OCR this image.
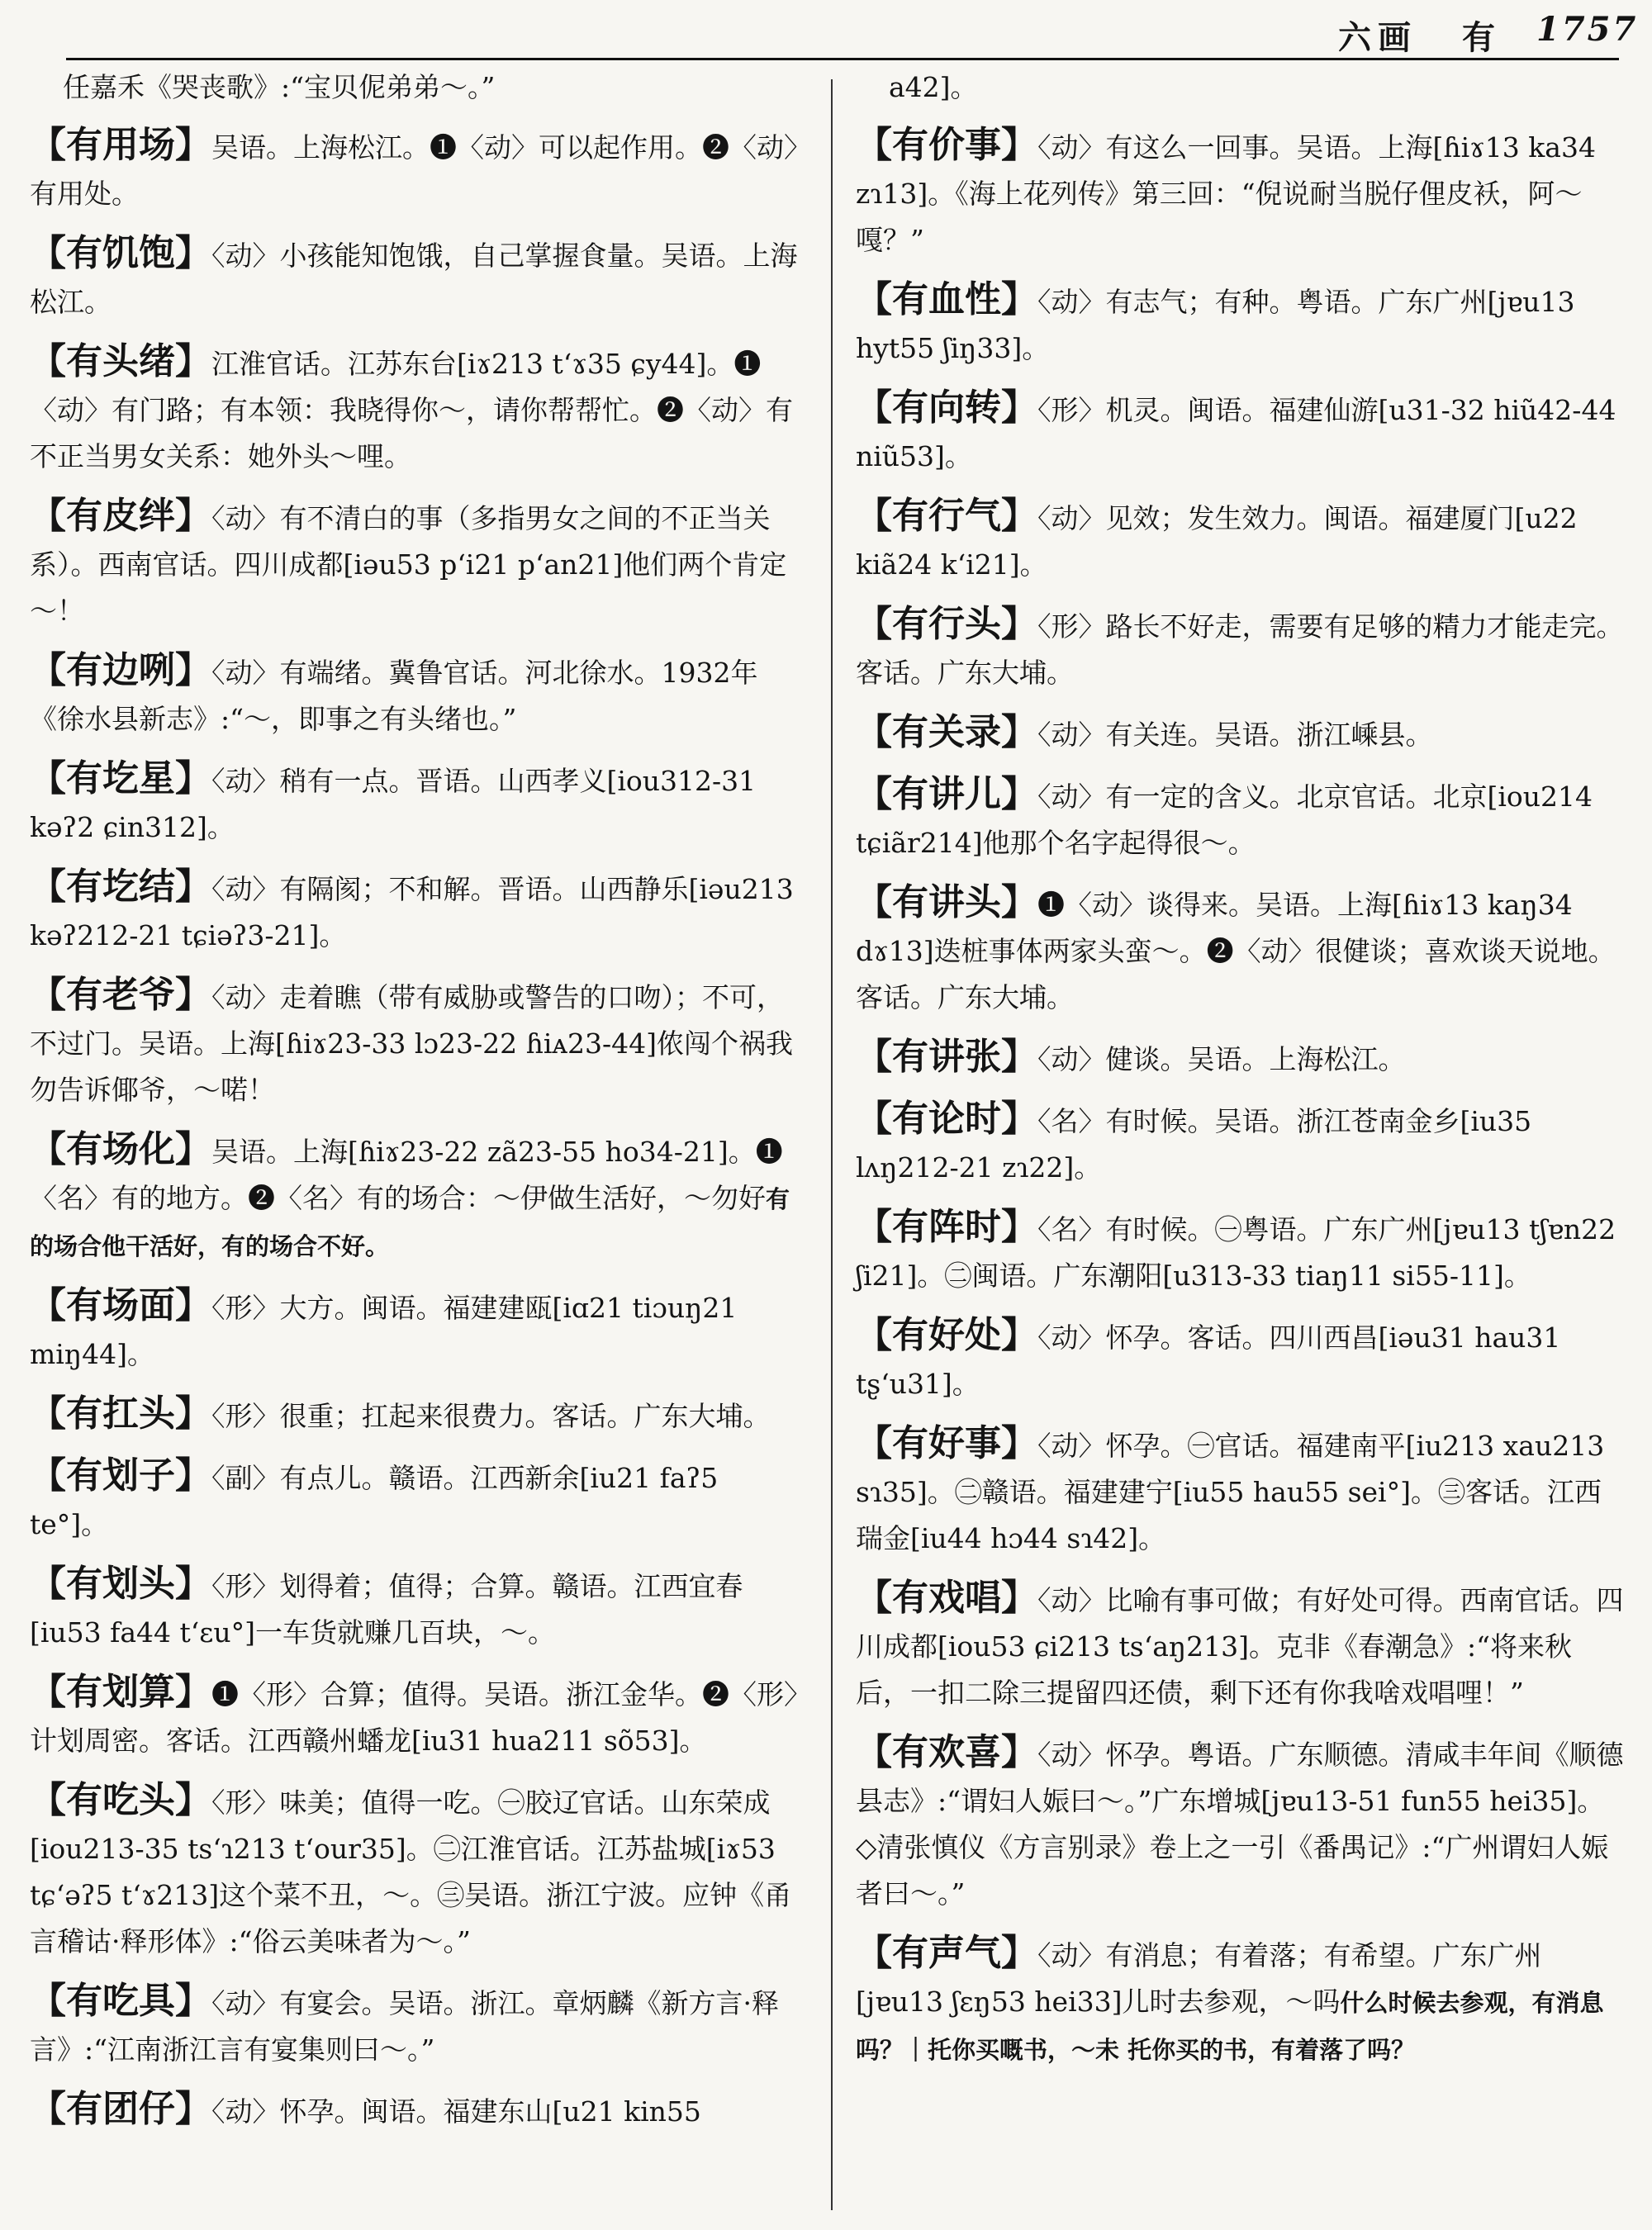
六画 有 1757

任嘉禾《哭丧歌》:“宝贝伲弟弟～。”

【 有用场 】 吴语。上海松江。❶〈动〉可以起作用。❷〈动〉有用处。

【 有饥饱 】 〈动〉小孩能知饱饿，自己掌握食量。吴语。上海松江。

【 有头绪 】 江淮官话。江苏东台[iɤ213 tʻɤ35 ɕy44]。❶〈动〉有门路；有本领：我晓得你～，请你帮帮忙。❷〈动〉有不正当男女关系：她外头～哩。

【 有皮绊 】 〈动〉有不清白的事（多指男女之间的不正当关系）。西南官话。四川成都[iəu53 pʻi21 pʻan21]他们两个肯定～！

【 有边咧 】 〈动〉有端绪。冀鲁官话。河北徐水。1932年《徐水县新志》:“～，即事之有头绪也。”

【 有圪星 】 〈动〉稍有一点。晋语。山西孝义[iou312-31 kəʔ2 ɕin312]。

【 有圪结 】 〈动〉有隔阂；不和解。晋语。山西静乐[iəu213 kəʔ212-21 tɕiəʔ3-21]。

【 有老爷 】 〈动〉走着瞧（带有威胁或警告的口吻）；不可，不过门。吴语。上海[ɦiɤ23-33 lɔ23-22 ɦiᴀ23-44]侬闯个祸我勿告诉倻爷，～喏！

【 有场化 】 吴语。上海[ɦiɤ23-22 zã23-55 ho34-21]。❶〈名〉有的地方。❷〈名〉有的场合：～伊做生活好，～勿好有的场合他干活好，有的场合不好。

【 有场面 】 〈形〉大方。闽语。福建建瓯[iɑ21 tiɔuŋ21 miŋ44]。

【 有扛头 】 〈形〉很重；扛起来很费力。客话。广东大埔。

【 有划子 】 〈副〉有点儿。赣语。江西新余[iu21 faʔ5 te°]。

【 有划头 】 〈形〉划得着；值得；合算。赣语。江西宜春[iu53 fa44 tʻɛu°]一车货就赚几百块，～。

【 有划算 】 ❶〈形〉合算；值得。吴语。浙江金华。❷〈形〉计划周密。客话。江西赣州蟠龙[iu31 hua211 sõ53]。

【 有吃头 】 〈形〉味美；值得一吃。㊀胶辽官话。山东荣成[iou213-35 tsʻɿ213 tʻour35]。㊁江淮官话。江苏盐城[iɤ53 tɕʻəʔ5 tʻɤ213]这个菜不丑，～。㊂吴语。浙江宁波。应钟《甬言稽诂·释形体》:“俗云美味者为～。”

【 有吃具 】 〈动〉有宴会。吴语。浙江。章炳麟《新方言·释言》:“江南浙江言有宴集则曰～。”

【 有团仔 】 〈动〉怀孕。闽语。福建东山[u21 kin55

a42]。

【 有价事 】 〈动〉有这么一回事。吴语。上海[ɦiɤ13 ka34 zɿ13]。《海上花列传》第三回：“倪说耐当脱仔俚皮袄，阿～嘎？”

【 有血性 】 〈动〉有志气；有种。粤语。广东广州[jɐu13 hyt55 ʃiŋ33]。

【 有向转 】 〈形〉机灵。闽语。福建仙游[u31-32 hiũ42-44 niũ53]。

【 有行气 】 〈动〉见效；发生效力。闽语。福建厦门[u22 kiã24 kʻi21]。

【 有行头 】 〈形〉路长不好走，需要有足够的精力才能走完。客话。广东大埔。

【 有关录 】 〈动〉有关连。吴语。浙江嵊县。

【 有讲儿 】 〈动〉有一定的含义。北京官话。北京[iou214 tɕiãr214]他那个名字起得很～。

【 有讲头 】 ❶〈动〉谈得来。吴语。上海[ɦiɤ13 kaŋ34 dɤ13]迭桩事体两家头蛮～。❷〈动〉很健谈；喜欢谈天说地。客话。广东大埔。

【 有讲张 】 〈动〉健谈。吴语。上海松江。

【 有论时 】 〈名〉有时候。吴语。浙江苍南金乡[iu35 lʌŋ212-21 zɿ22]。

【 有阵时 】 〈名〉有时候。㊀粤语。广东广州[jɐu13 tʃɐn22 ʃi21]。㊁闽语。广东潮阳[u313-33 tiaŋ11 si55-11]。

【 有好处 】 〈动〉怀孕。客话。四川西昌[iəu31 hau31 tʂʻu31]。

【 有好事 】 〈动〉怀孕。㊀官话。福建南平[iu213 xau213 sɿ35]。㊁赣语。福建建宁[iu55 hau55 sei°]。㊂客话。江西瑞金[iu44 hɔ44 sɿ42]。

【 有戏唱 】 〈动〉比喻有事可做；有好处可得。西南官话。四川成都[iou53 ɕi213 tsʻaŋ213]。克非《春潮急》:“将来秋后，一扣二除三提留四还债，剩下还有你我啥戏唱哩！”

【 有欢喜 】 〈动〉怀孕。粤语。广东顺德。清咸丰年间《顺德县志》:“谓妇人娠曰～。”广东增城[jɐu13-51 fun55 hei35]。◇清张慎仪《方言别录》卷上之一引《番禺记》:“广州谓妇人娠者曰～。”

【 有声气 】 〈动〉有消息；有着落；有希望。广东广州[jɐu13 ʃɛŋ53 hei33]儿时去参观，～吗什么时候去参观，有消息吗？｜托你买嘅书，～未 托你买的书，有着落了吗？
